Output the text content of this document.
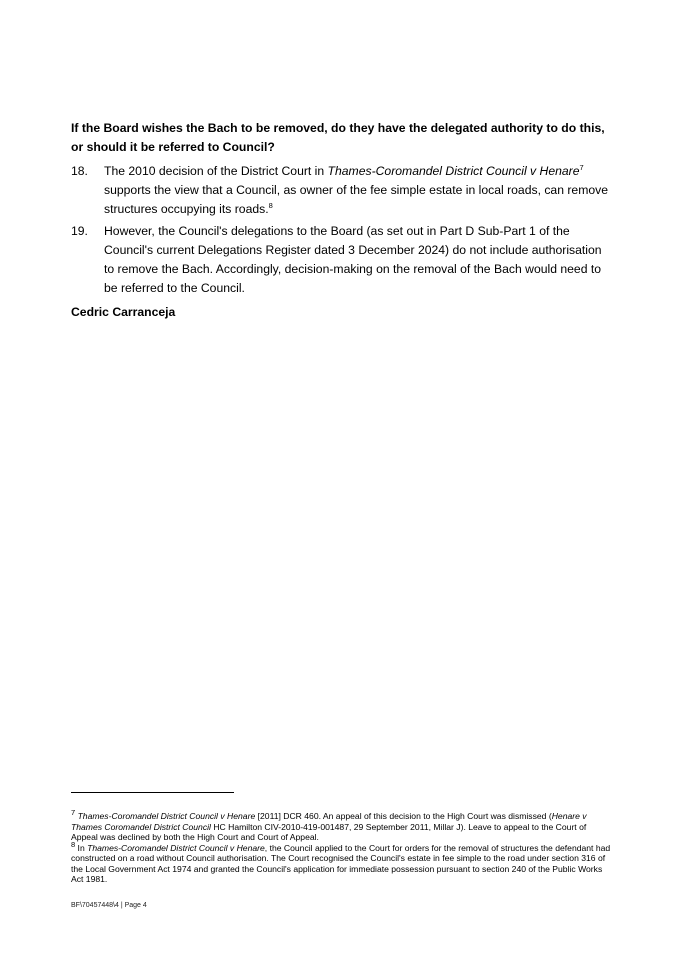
If the Board wishes the Bach to be removed, do they have the delegated authority to do this, or should it be referred to Council?
18. The 2010 decision of the District Court in Thames-Coromandel District Council v Henare$^7$ supports the view that a Council, as owner of the fee simple estate in local roads, can remove structures occupying its roads.$^8$
19. However, the Council's delegations to the Board (as set out in Part D Sub-Part 1 of the Council's current Delegations Register dated 3 December 2024) do not include authorisation to remove the Bach. Accordingly, decision-making on the removal of the Bach would need to be referred to the Council.
Cedric Carranceja
$^7$ Thames-Coromandel District Council v Henare [2011] DCR 460. An appeal of this decision to the High Court was dismissed (Henare v Thames Coromandel District Council HC Hamilton CIV-2010-419-001487, 29 September 2011, Millar J). Leave to appeal to the Court of Appeal was declined by both the High Court and Court of Appeal.
$^8$ In Thames-Coromandel District Council v Henare, the Council applied to the Court for orders for the removal of structures the defendant had constructed on a road without Council authorisation. The Court recognised the Council's estate in fee simple to the road under section 316 of the Local Government Act 1974 and granted the Council's application for immediate possession pursuant to section 240 of the Public Works Act 1981.
BF\70457448\4 | Page 4
